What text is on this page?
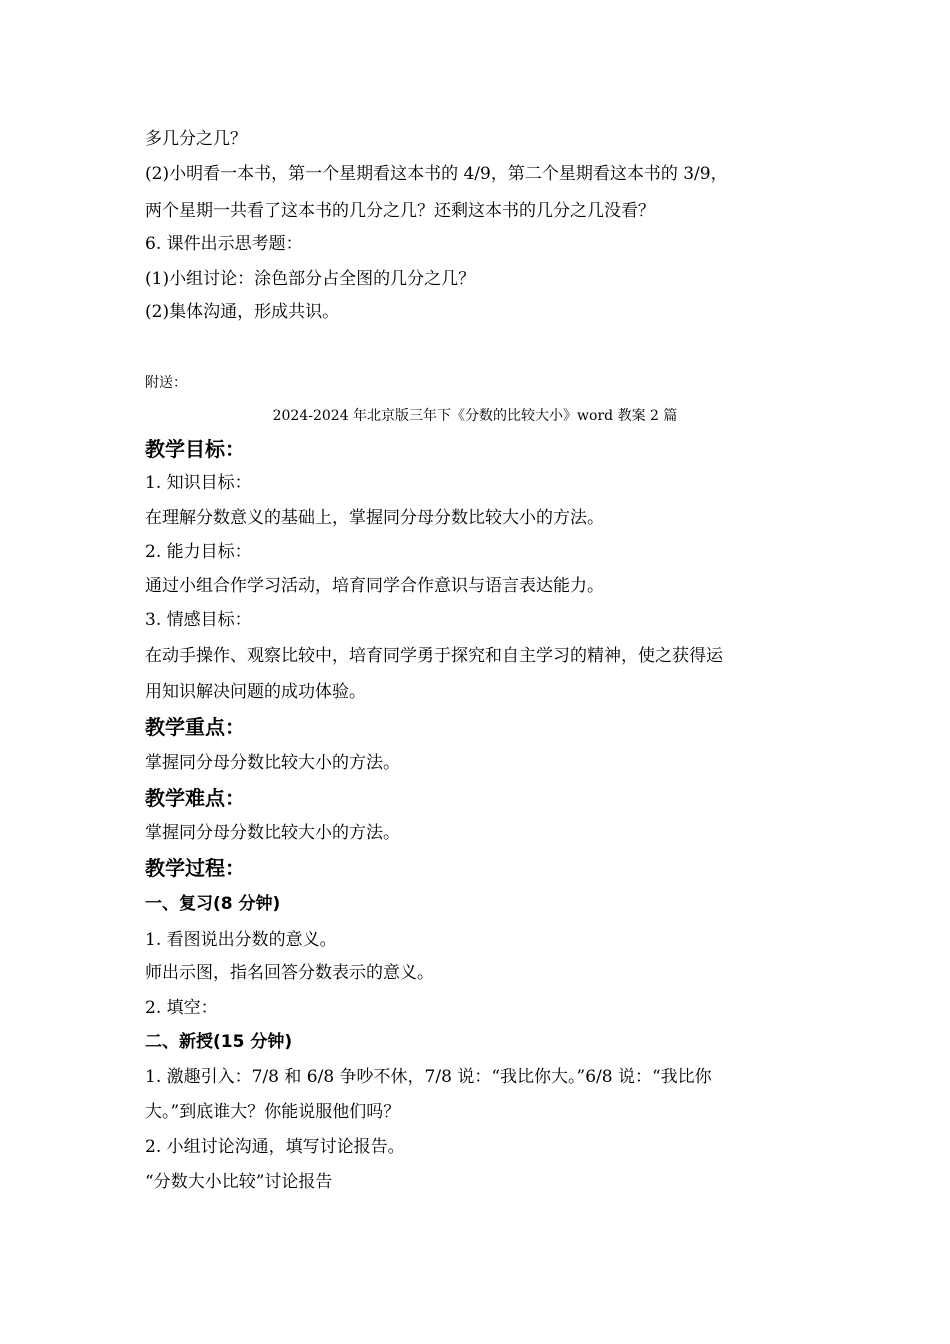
多几分之几？
(2)小明看一本书，第一个星期看这本书的 4/9，第二个星期看这本书的 3/9，
两个星期一共看了这本书的几分之几？还剩这本书的几分之几没看？
6. 课件出示思考题：
(1)小组讨论：涂色部分占全图的几分之几？
(2)集体沟通，形成共识。
附送：
2024-2024 年北京版三年下《分数的比较大小》word 教案 2 篇
教学目标：
1. 知识目标：
在理解分数意义的基础上，掌握同分母分数比较大小的方法。
2. 能力目标：
通过小组合作学习活动，培育同学合作意识与语言表达能力。
3. 情感目标：
在动手操作、观察比较中，培育同学勇于探究和自主学习的精神，使之获得运
用知识解决问题的成功体验。
教学重点：
掌握同分母分数比较大小的方法。
教学难点：
掌握同分母分数比较大小的方法。
教学过程：
一、复习(8 分钟)
1. 看图说出分数的意义。
师出示图，指名回答分数表示的意义。
2. 填空：
二、新授(15 分钟)
1. 激趣引入：7/8 和 6/8 争吵不休，7/8 说：“我比你大。”6/8 说：“我比你
大。”到底谁大？你能说服他们吗？
2. 小组讨论沟通，填写讨论报告。
“分数大小比较”讨论报告
